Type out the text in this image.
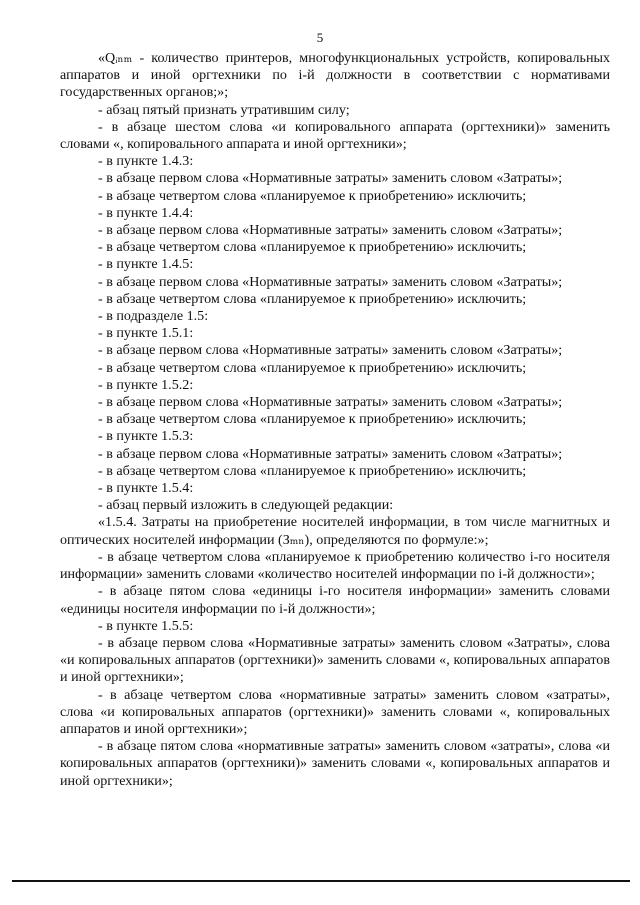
5

«Qᵢₙₘ - количество принтеров, многофункциональных устройств, копировальных аппаратов и иной оргтехники по i-й должности в соответствии с нормативами государственных органов;»;

- абзац пятый признать утратившим силу;

- в абзаце шестом слова «и копировального аппарата (оргтехники)» заменить словами «, копировального аппарата и иной оргтехники»;

- в пункте 1.4.3:

- в абзаце первом слова «Нормативные затраты» заменить словом «Затраты»;

- в абзаце четвертом слова «планируемое к приобретению» исключить;

- в пункте 1.4.4:

- в абзаце первом слова «Нормативные затраты» заменить словом «Затраты»;

- в абзаце четвертом слова «планируемое к приобретению» исключить;

- в пункте 1.4.5:

- в абзаце первом слова «Нормативные затраты» заменить словом «Затраты»;

- в абзаце четвертом слова «планируемое к приобретению» исключить;

- в подразделе 1.5:

- в пункте 1.5.1:

- в абзаце первом слова «Нормативные затраты» заменить словом «Затраты»;

- в абзаце четвертом слова «планируемое к приобретению» исключить;

- в пункте 1.5.2:

- в абзаце первом слова «Нормативные затраты» заменить словом «Затраты»;

- в абзаце четвертом слова «планируемое к приобретению» исключить;

- в пункте 1.5.3:

- в абзаце первом слова «Нормативные затраты» заменить словом «Затраты»;

- в абзаце четвертом слова «планируемое к приобретению» исключить;

- в пункте 1.5.4:

- абзац первый изложить в следующей редакции:

«1.5.4. Затраты на приобретение носителей информации, в том числе магнитных и оптических носителей информации (Зₘₙ), определяются по формуле:»;

- в абзаце четвертом слова «планируемое к приобретению количество i-го носителя информации» заменить словами «количество носителей информации по i-й должности»;

- в абзаце пятом слова «единицы i-го носителя информации» заменить словами «единицы носителя информации по i-й должности»;

- в пункте 1.5.5:

- в абзаце первом слова «Нормативные затраты» заменить словом «Затраты», слова «и копировальных аппаратов (оргтехники)» заменить словами «, копировальных аппаратов и иной оргтехники»;

- в абзаце четвертом слова «нормативные затраты» заменить словом «затраты», слова «и копировальных аппаратов (оргтехники)» заменить словами «, копировальных аппаратов и иной оргтехники»;

- в абзаце пятом слова «нормативные затраты» заменить словом «затраты», слова «и копировальных аппаратов (оргтехники)» заменить словами «, копировальных аппаратов и иной оргтехники»;
